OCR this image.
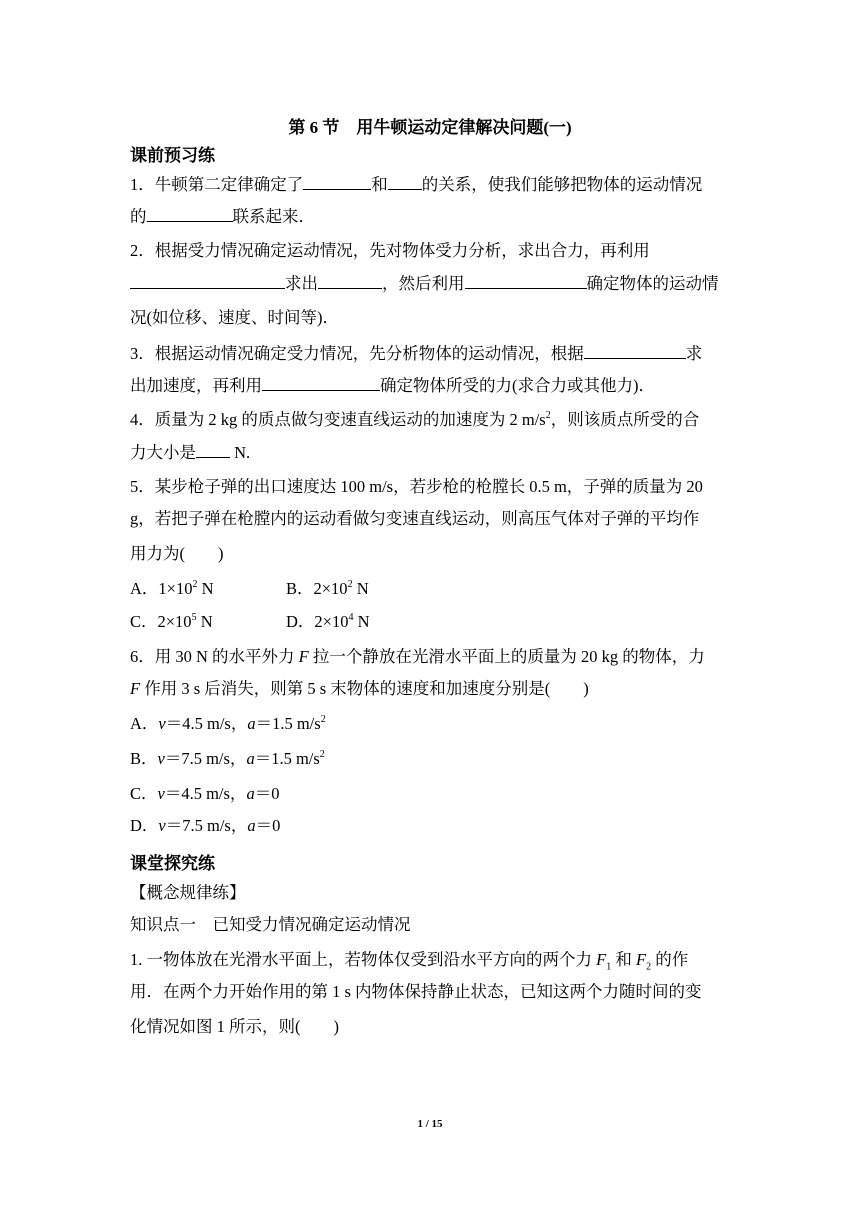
第 6 节　用牛顿运动定律解决问题(一)
课前预习练
1．牛顿第二定律确定了	和 的关系，使我们能够把物体的运动情况
的	联系起来．
2．根据受力情况确定运动情况，先对物体受力分析，求出合力，再利用
求出	，然后利用	确定物体的运动情
况(如位移、速度、时间等)．
3．根据运动情况确定受力情况，先分析物体的运动情况，根据	求
出加速度，再利用	确定物体所受的力(求合力或其他力)．
4．质量为 2 kg 的质点做匀变速直线运动的加速度为 2 $m/s^2$，则该质点所受的合
力大小是 N.
5．某步枪子弹的出口速度达 100 m/s，若步枪的枪膛长 0.5 m，子弹的质量为 20
g，若把子弹在枪膛内的运动看做匀变速直线运动，则高压气体对子弹的平均作
用力为(　　)
A．$1\times 10^2$ N	B．$2\times 10^2$ N
C．$2\times 10^5$ N	D．$2\times 10^4$ N
6．用 30 N 的水平外力 F 拉一个静放在光滑水平面上的质量为 20 kg 的物体，力
F 作用 3 s 后消失，则第 5 s 末物体的速度和加速度分别是(　　)
A．v＝4.5 m/s，a＝1.5 $m/s^2$
B．v＝7.5 m/s，a＝1.5 $m/s^2$
C．v＝4.5 m/s，a＝0
D．v＝7.5 m/s，a＝0
课堂探究练
【概念规律练】
知识点一　已知受力情况确定运动情况
1. 一物体放在光滑水平面上，若物体仅受到沿水平方向的两个力 $F_1$ 和 $F_2$ 的作
用．在两个力开始作用的第 1 s 内物体保持静止状态，已知这两个力随时间的变
化情况如图 1 所示，则(　　)
1 / 15
